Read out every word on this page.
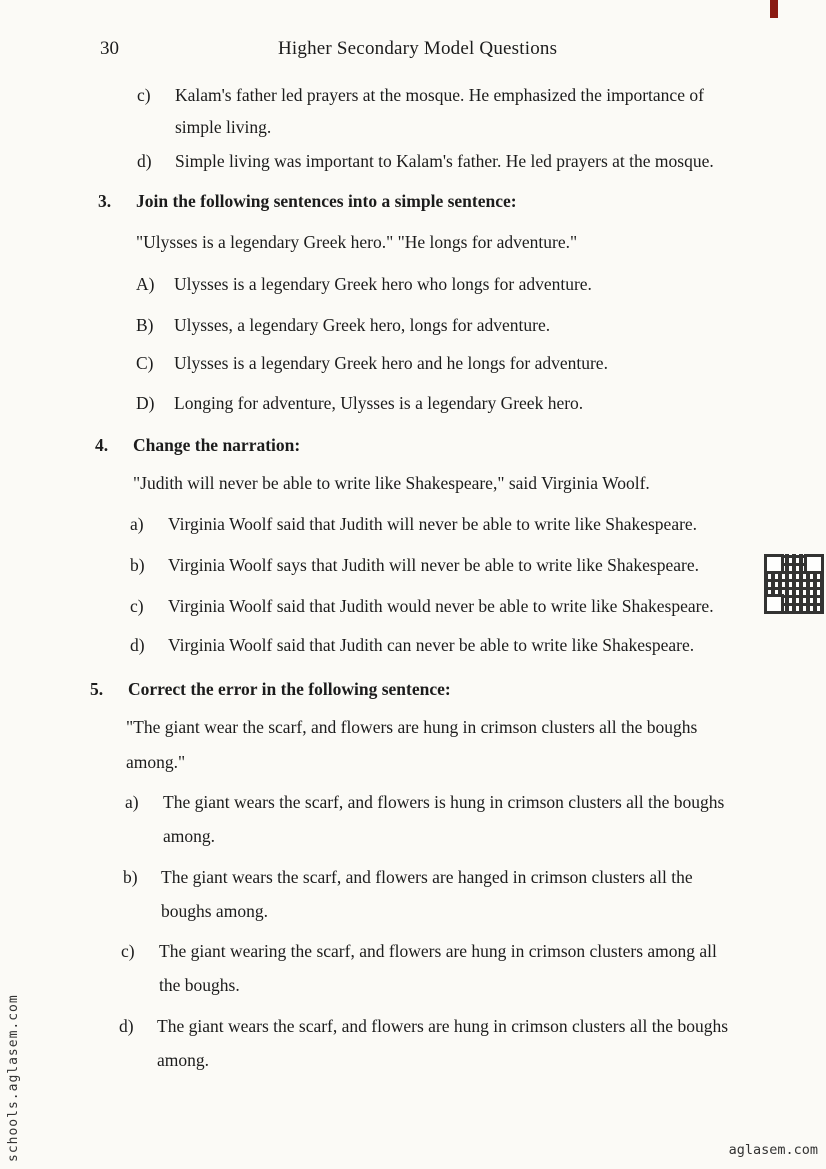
30	Higher Secondary Model Questions
c) Kalam's father led prayers at the mosque. He emphasized the importance of
simple living.
d) Simple living was important to Kalam's father. He led prayers at the mosque.
3. Join the following sentences into a simple sentence:
"Ulysses is a legendary Greek hero." "He longs for adventure."
A) Ulysses is a legendary Greek hero who longs for adventure.
B) Ulysses, a legendary Greek hero, longs for adventure.
C) Ulysses is a legendary Greek hero and he longs for adventure.
D) Longing for adventure, Ulysses is a legendary Greek hero.
4. Change the narration:
"Judith will never be able to write like Shakespeare," said Virginia Woolf.
a) Virginia Woolf said that Judith will never be able to write like Shakespeare.
b) Virginia Woolf says that Judith will never be able to write like Shakespeare.
c) Virginia Woolf said that Judith would never be able to write like Shakespeare.
d) Virginia Woolf said that Judith can never be able to write like Shakespeare.
5. Correct the error in the following sentence:
"The giant wear the scarf, and flowers are hung in crimson clusters all the boughs
among."
a) The giant wears the scarf, and flowers is hung in crimson clusters all the boughs
among.
b) The giant wears the scarf, and flowers are hanged in crimson clusters all the
boughs among.
c) The giant wearing the scarf, and flowers are hung in crimson clusters among all
the boughs.
d) The giant wears the scarf, and flowers are hung in crimson clusters all the boughs
among.
schools.aglasem.com	aglasem.com
